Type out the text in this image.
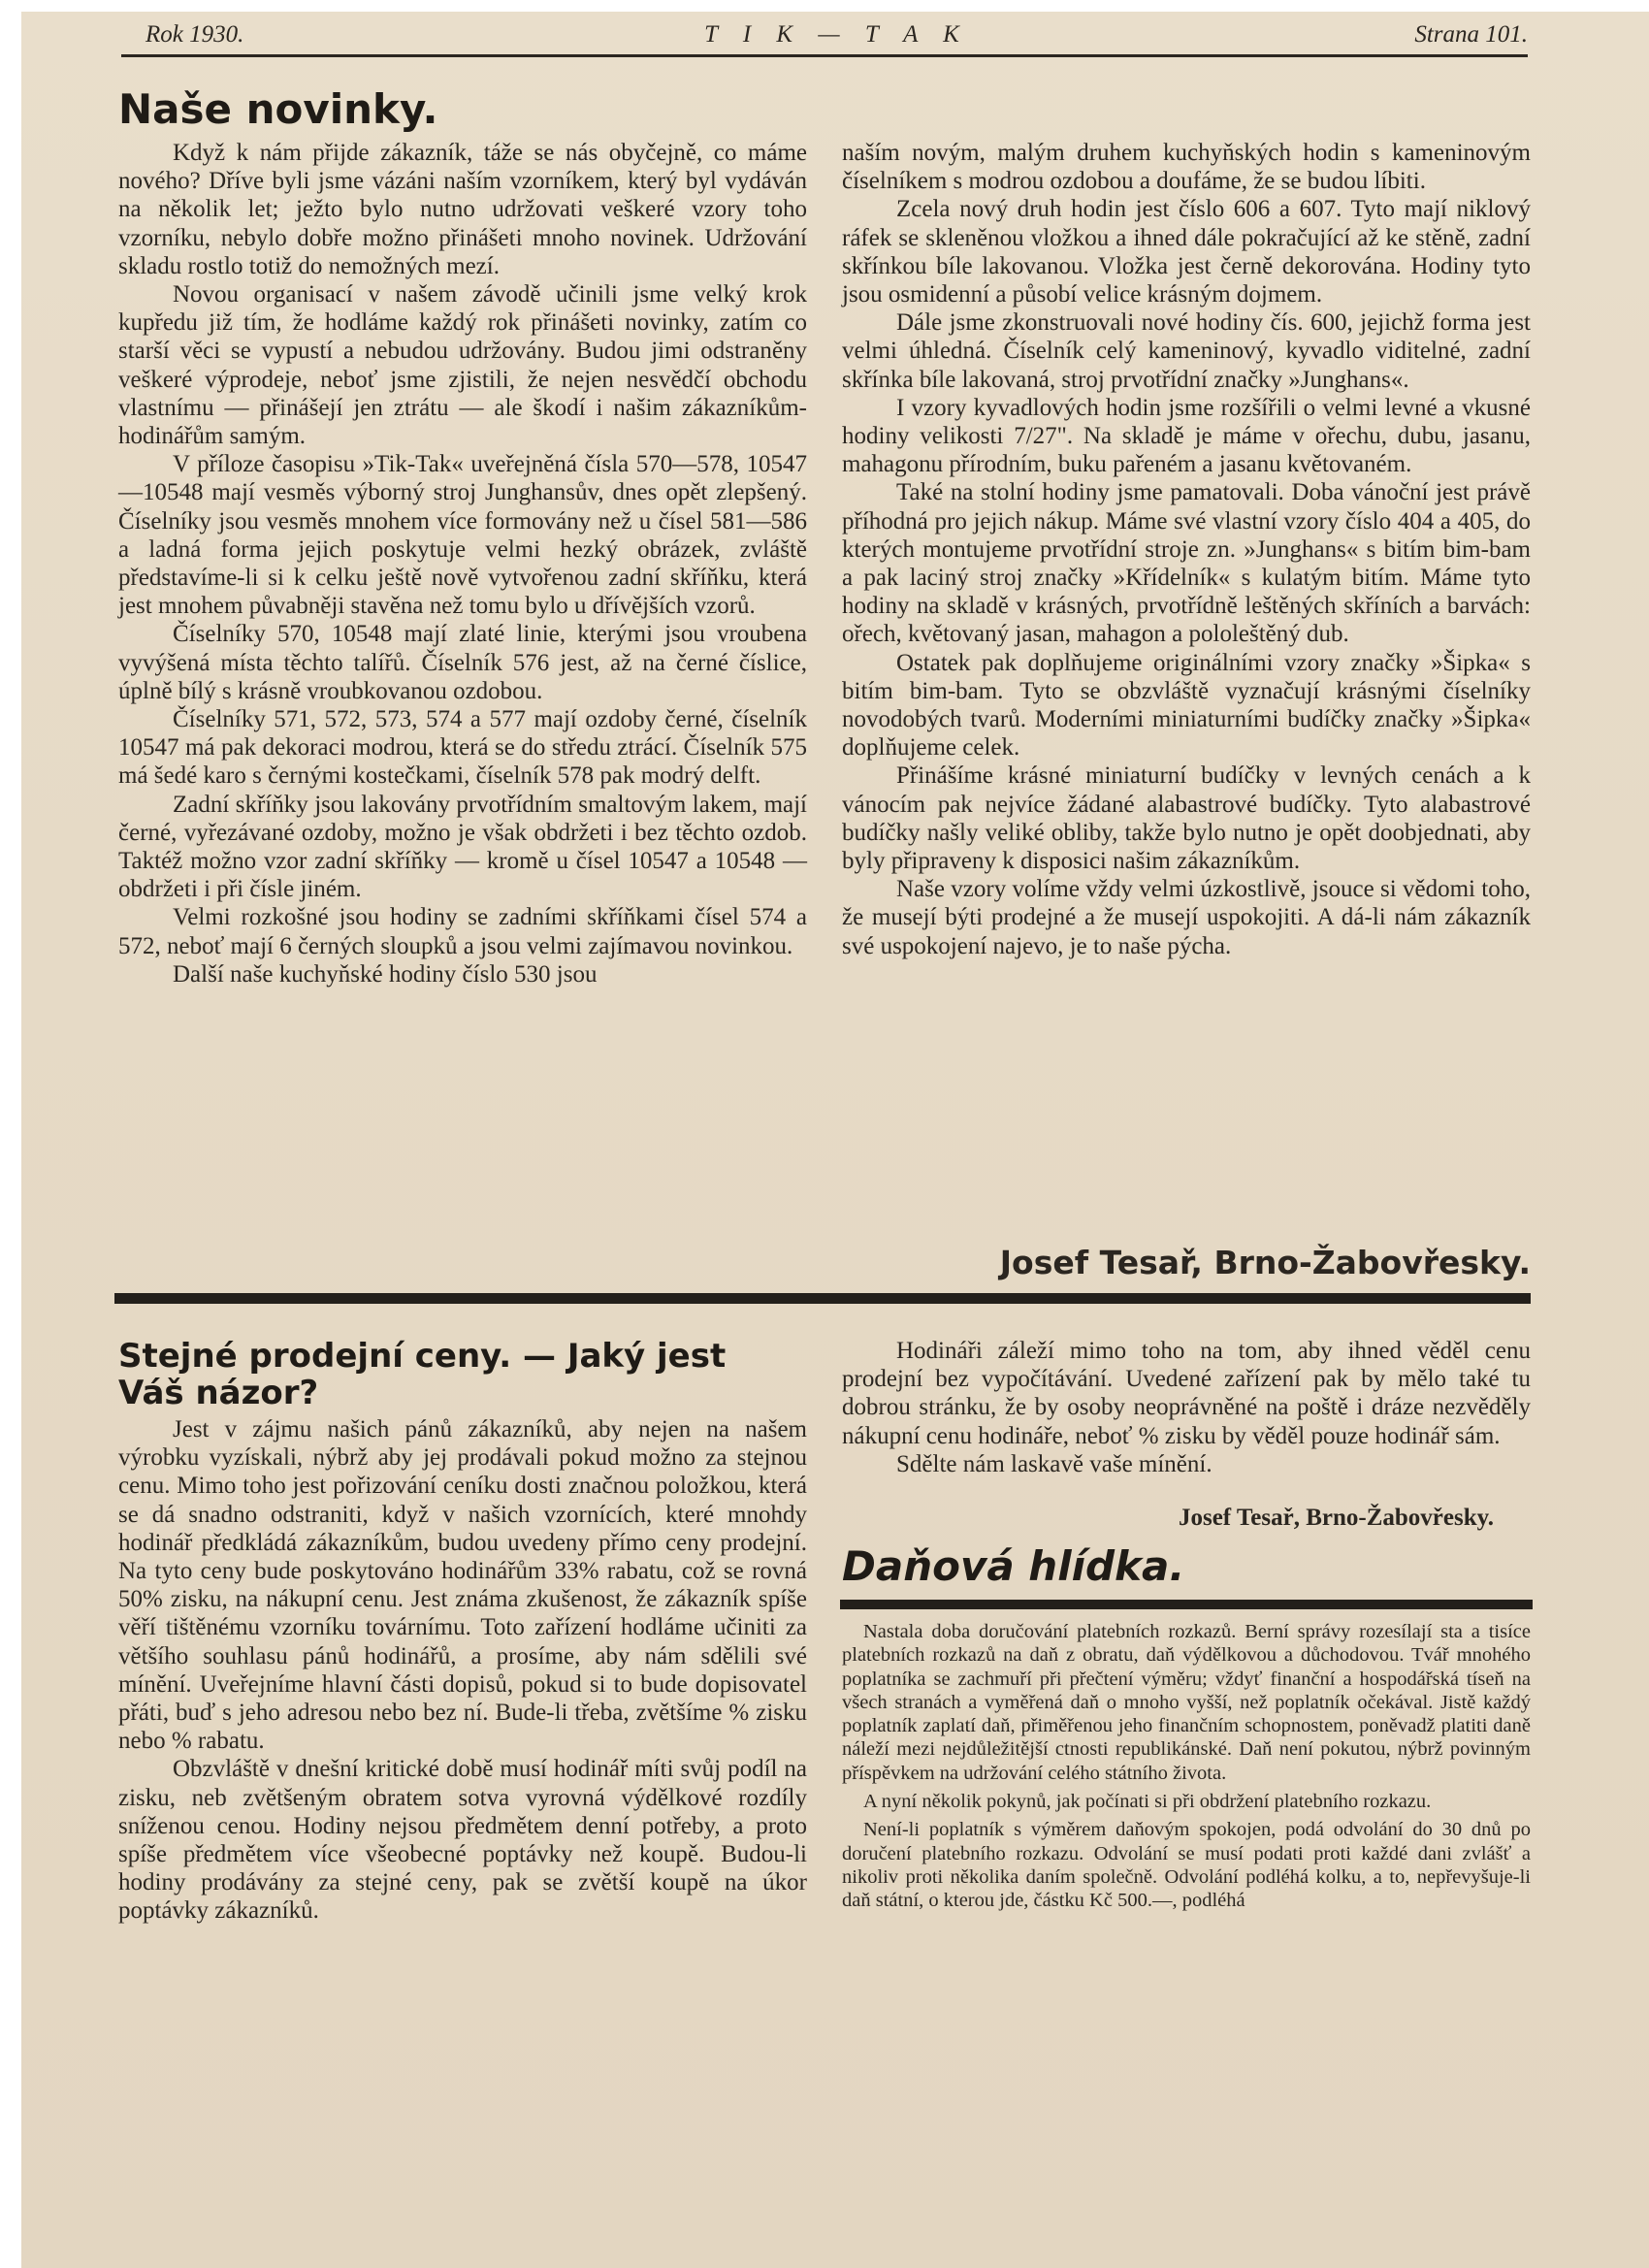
Rok 1930.	T I K — T A K	Strana 101.
Naše novinky.

Když k nám přijde zákazník, táže se nás obyčejně, co máme nového? Dříve byli jsme vázáni naším vzorníkem, který byl vydáván na několik let; ježto bylo nutno udržovati veškeré vzory toho vzorníku, nebylo dobře možno přinášeti mnoho novinek. Udržování skladu rostlo totiž do nemožných mezí.

Novou organisací v našem závodě učinili jsme velký krok kupředu již tím, že hodláme každý rok přinášeti novinky, zatím co starší věci se vypustí a nebudou udržovány. Budou jimi odstraněny veškeré výprodeje, neboť jsme zjistili, že nejen nesvědčí obchodu vlastnímu — přinášejí jen ztrátu — ale škodí i našim zákazníkům-hodinářům samým.

V příloze časopisu »Tik-Tak« uveřejněná čísla 570—578, 10547—10548 mají vesměs výborný stroj Junghansův, dnes opět zlepšený. Číselníky jsou vesměs mnohem více formovány než u čísel 581—586 a ladná forma jejich poskytuje velmi hezký obrázek, zvláště představíme-li si k celku ještě nově vytvořenou zadní skříňku, která jest mnohem půvabněji stavěna než tomu bylo u dřívějších vzorů.

Číselníky 570, 10548 mají zlaté linie, kterými jsou vroubena vyvýšená místa těchto talířů. Číselník 576 jest, až na černé číslice, úplně bílý s krásně vroubkovanou ozdobou.

Číselníky 571, 572, 573, 574 a 577 mají ozdoby černé, číselník 10547 má pak dekoraci modrou, která se do středu ztrácí. Číselník 575 má šedé karo s černými kostečkami, číselník 578 pak modrý delft.

Zadní skříňky jsou lakovány prvotřídním smaltovým lakem, mají černé, vyřezávané ozdoby, možno je však obdržeti i bez těchto ozdob. Taktéž možno vzor zadní skříňky — kromě u čísel 10547 a 10548 — obdržeti i při čísle jiném.

Velmi rozkošné jsou hodiny se zadními skříňkami čísel 574 a 572, neboť mají 6 černých sloupků a jsou velmi zajímavou novinkou.

Další naše kuchyňské hodiny číslo 530 jsou

naším novým, malým druhem kuchyňských hodin s kameninovým číselníkem s modrou ozdobou a doufáme, že se budou líbiti.

Zcela nový druh hodin jest číslo 606 a 607. Tyto mají niklový ráfek se skleněnou vložkou a ihned dále pokračující až ke stěně, zadní skřínkou bíle lakovanou. Vložka jest černě dekorována. Hodiny tyto jsou osmidenní a působí velice krásným dojmem.

Dále jsme zkonstruovali nové hodiny čís. 600, jejichž forma jest velmi úhledná. Číselník celý kameninový, kyvadlo viditelné, zadní skřínka bíle lakovaná, stroj prvotřídní značky »Junghans«.

I vzory kyvadlových hodin jsme rozšířili o velmi levné a vkusné hodiny velikosti 7/27". Na skladě je máme v ořechu, dubu, jasanu, mahagonu přírodním, buku pařeném a jasanu květovaném.

Také na stolní hodiny jsme pamatovali. Doba vánoční jest právě příhodná pro jejich nákup. Máme své vlastní vzory číslo 404 a 405, do kterých montujeme prvotřídní stroje zn. »Junghans« s bitím bim-bam a pak laciný stroj značky »Křídelník« s kulatým bitím. Máme tyto hodiny na skladě v krásných, prvotřídně leštěných skříních a barvách: ořech, květovaný jasan, mahagon a pololeštěný dub.

Ostatek pak doplňujeme originálními vzory značky »Šipka« s bitím bim-bam. Tyto se obzvláště vyznačují krásnými číselníky novodobých tvarů. Moderními miniaturními budíčky značky »Šipka« doplňujeme celek.

Přinášíme krásné miniaturní budíčky v levných cenách a k vánocím pak nejvíce žádané alabastrové budíčky. Tyto alabastrové budíčky našly veliké obliby, takže bylo nutno je opět doobjednati, aby byly připraveny k disposici našim zákazníkům.

Naše vzory volíme vždy velmi úzkostlivě, jsouce si vědomi toho, že musejí býti prodejné a že musejí uspokojiti. A dá-li nám zákazník své uspokojení najevo, je to naše pýcha.

Josef Tesař, Brno-Žabovřesky.
Stejné prodejní ceny. — Jaký jest
Váš názor?

Jest v zájmu našich pánů zákazníků, aby nejen na našem výrobku vyzískali, nýbrž aby jej prodávali pokud možno za stejnou cenu. Mimo toho jest pořizování ceníku dosti značnou položkou, která se dá snadno odstraniti, když v našich vzornících, které mnohdy hodinář předkládá zákazníkům, budou uvedeny přímo ceny prodejní. Na tyto ceny bude poskytováno hodinářům 33% rabatu, což se rovná 50% zisku, na nákupní cenu. Jest známa zkušenost, že zákazník spíše věří tištěnému vzorníku továrnímu. Toto zařízení hodláme učiniti za většího souhlasu pánů hodinářů, a prosíme, aby nám sdělili své mínění. Uveřejníme hlavní části dopisů, pokud si to bude dopisovatel přáti, buď s jeho adresou nebo bez ní. Bude-li třeba, zvětšíme % zisku nebo % rabatu.

Obzvláště v dnešní kritické době musí hodinář míti svůj podíl na zisku, neb zvětšeným obratem sotva vyrovná výdělkové rozdíly sníženou cenou. Hodiny nejsou předmětem denní potřeby, a proto spíše předmětem více všeobecné poptávky než koupě. Budou-li hodiny prodávány za stejné ceny, pak se zvětší koupě na úkor poptávky zákazníků.

Hodináři záleží mimo toho na tom, aby ihned věděl cenu prodejní bez vypočítávání. Uvedené zařízení pak by mělo také tu dobrou stránku, že by osoby neoprávněné na poště i dráze nezvěděly nákupní cenu hodináře, neboť % zisku by věděl pouze hodinář sám.

Sdělte nám laskavě vaše mínění.

Josef Tesař, Brno-Žabovřesky.
Daňová hlídka.

Nastala doba doručování platebních rozkazů. Berní správy rozesílají sta a tisíce platebních rozkazů na daň z obratu, daň výdělkovou a důchodovou. Tvář mnohého poplatníka se zachmuří při přečtení výměru; vždyť finanční a hospodářská tíseň na všech stranách a vyměřená daň o mnoho vyšší, než poplatník očekával. Jistě každý poplatník zaplatí daň, přiměřenou jeho finančním schopnostem, poněvadž platiti daně náleží mezi nejdůležitější ctnosti republikánské. Daň není pokutou, nýbrž povinným příspěvkem na udržování celého státního života.

A nyní několik pokynů, jak počínati si při obdržení platebního rozkazu.

Není-li poplatník s výměrem daňovým spokojen, podá odvolání do 30 dnů po doručení platebního rozkazu. Odvolání se musí podati proti každé dani zvlášť a nikoliv proti několika daním společně. Odvolání podléhá kolku, a to, nepřevyšuje-li daň státní, o kterou jde, částku Kč 500.—, podléhá
